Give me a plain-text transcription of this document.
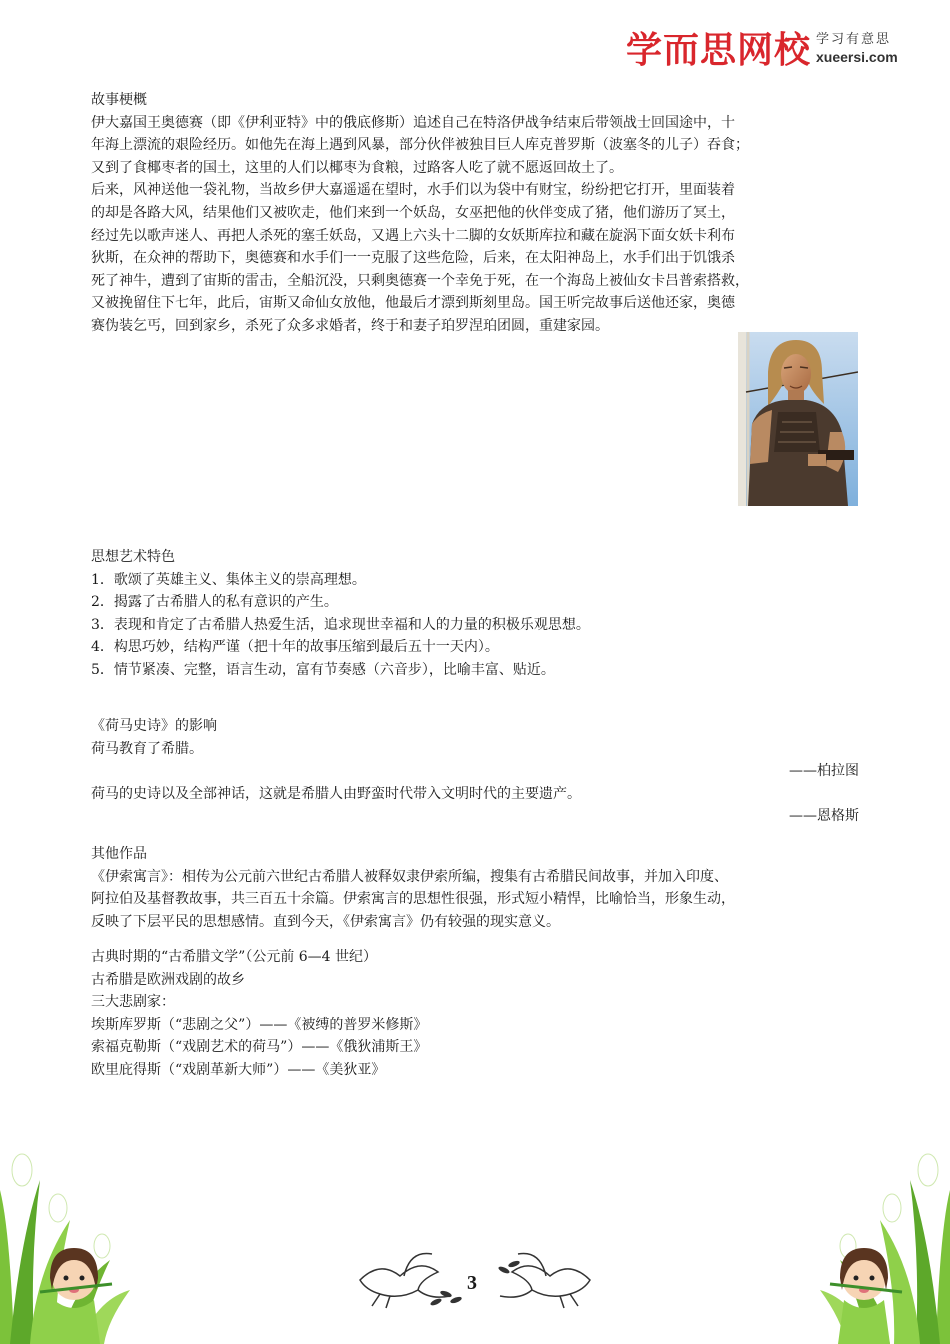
学而思网校 学习有意思
xueersi.com

故事梗概

伊大嘉国王奥德赛（即《伊利亚特》中的俄底修斯）追述自己在特洛伊战争结束后带领战士回国途中，十

年海上漂流的艰险经历。如他先在海上遇到风暴，部分伙伴被独目巨人库克普罗斯（波塞冬的儿子）吞食；

又到了食椰枣者的国土，这里的人们以椰枣为食粮，过路客人吃了就不愿返回故土了。

后来，风神送他一袋礼物，当故乡伊大嘉遥遥在望时，水手们以为袋中有财宝，纷纷把它打开，里面装着

的却是各路大风，结果他们又被吹走，他们来到一个妖岛，女巫把他的伙伴变成了猪，他们游历了冥土，

经过先以歌声迷人、再把人杀死的塞壬妖岛，又遇上六头十二脚的女妖斯库拉和藏在旋涡下面女妖卡利布

狄斯，在众神的帮助下，奥德赛和水手们一一克服了这些危险，后来，在太阳神岛上，水手们出于饥饿杀

死了神牛，遭到了宙斯的雷击，全船沉没，只剩奥德赛一个幸免于死，在一个海岛上被仙女卡吕普索搭救，

又被挽留住下七年，此后，宙斯又命仙女放他，他最后才漂到斯刻里岛。国王听完故事后送他还家，奥德

赛伪装乞丐，回到家乡，杀死了众多求婚者，终于和妻子珀罗涅珀团圆，重建家园。

思想艺术特色

1．歌颂了英雄主义、集体主义的崇高理想。

2．揭露了古希腊人的私有意识的产生。

3．表现和肯定了古希腊人热爱生活，追求现世幸福和人的力量的积极乐观思想。

4．构思巧妙，结构严谨（把十年的故事压缩到最后五十一天内）。

5．情节紧凑、完整，语言生动，富有节奏感（六音步），比喻丰富、贴近。

《荷马史诗》的影响

荷马教育了希腊。

——柏拉图

荷马的史诗以及全部神话，这就是希腊人由野蛮时代带入文明时代的主要遗产。

——恩格斯

其他作品

《伊索寓言》：相传为公元前六世纪古希腊人被释奴隶伊索所编，搜集有古希腊民间故事，并加入印度、

阿拉伯及基督教故事，共三百五十余篇。伊索寓言的思想性很强，形式短小精悍，比喻恰当，形象生动，

反映了下层平民的思想感情。直到今天，《伊索寓言》仍有较强的现实意义。

古典时期的“古希腊文学”（公元前 6—4 世纪）

古希腊是欧洲戏剧的故乡

三大悲剧家：

埃斯库罗斯（“悲剧之父”）——《被缚的普罗米修斯》

索福克勒斯（“戏剧艺术的荷马”）——《俄狄浦斯王》

欧里庇得斯（“戏剧革新大师”）——《美狄亚》

3
